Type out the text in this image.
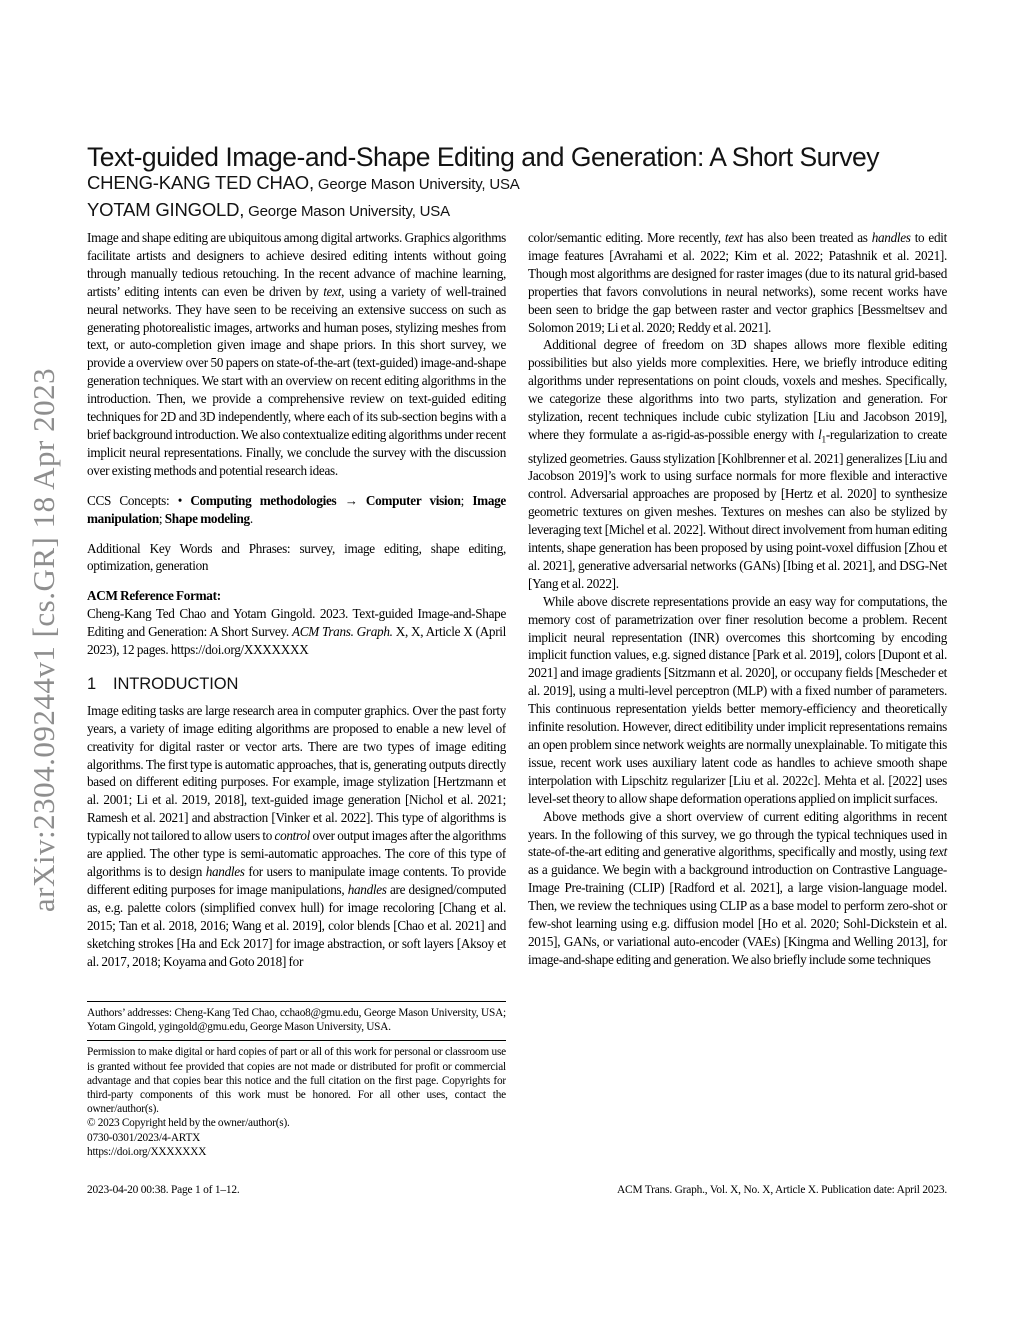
arXiv:2304.09244v1 [cs.GR] 18 Apr 2023
Text-guided Image-and-Shape Editing and Generation: A Short Survey
CHENG-KANG TED CHAO, George Mason University, USA
YOTAM GINGOLD, George Mason University, USA

Image and shape editing are ubiquitous among digital artworks. Graphics algorithms facilitate artists and designers to achieve desired editing intents without going through manually tedious retouching. In the recent advance of machine learning, artists’ editing intents can even be driven by text, using a variety of well-trained neural networks. They have seen to be receiving an extensive success on such as generating photorealistic images, artworks and human poses, stylizing meshes from text, or auto-completion given image and shape priors. In this short survey, we provide a overview over 50 papers on state-of-the-art (text-guided) image-and-shape generation techniques. We start with an overview on recent editing algorithms in the introduction. Then, we provide a comprehensive review on text-guided editing techniques for 2D and 3D independently, where each of its sub-section begins with a brief background introduction. We also contextualize editing algorithms under recent implicit neural representations. Finally, we conclude the survey with the discussion over existing methods and potential research ideas.

CCS Concepts: • Computing methodologies → Computer vision; Image manipulation; Shape modeling.

Additional Key Words and Phrases: survey, image editing, shape editing, optimization, generation

ACM Reference Format:

Cheng-Kang Ted Chao and Yotam Gingold. 2023. Text-guided Image-and-Shape Editing and Generation: A Short Survey. ACM Trans. Graph. X, X, Article X (April 2023), 12 pages. https://doi.org/XXXXXXX

1 INTRODUCTION

Image editing tasks are large research area in computer graphics. Over the past forty years, a variety of image editing algorithms are proposed to enable a new level of creativity for digital raster or vector arts. There are two types of image editing algorithms. The first type is automatic approaches, that is, generating outputs directly based on different editing purposes. For example, image stylization [Hertzmann et al. 2001; Li et al. 2019, 2018], text-guided image generation [Nichol et al. 2021; Ramesh et al. 2021] and abstraction [Vinker et al. 2022]. This type of algorithms is typically not tailored to allow users to control over output images after the algorithms are applied. The other type is semi-automatic approaches. The core of this type of algorithms is to design handles for users to manipulate image contents. To provide different editing purposes for image manipulations, handles are designed/computed as, e.g. palette colors (simplified convex hull) for image recoloring [Chang et al. 2015; Tan et al. 2018, 2016; Wang et al. 2019], color blends [Chao et al. 2021] and sketching strokes [Ha and Eck 2017] for image abstraction, or soft layers [Aksoy et al. 2017, 2018; Koyama and Goto 2018] for

Authors’ addresses: Cheng-Kang Ted Chao, cchao8@gmu.edu, George Mason University, USA; Yotam Gingold, ygingold@gmu.edu, George Mason University, USA.

Permission to make digital or hard copies of part or all of this work for personal or classroom use is granted without fee provided that copies are not made or distributed for profit or commercial advantage and that copies bear this notice and the full citation on the first page. Copyrights for third-party components of this work must be honored. For all other uses, contact the owner/author(s).

© 2023 Copyright held by the owner/author(s).

0730-0301/2023/4-ARTX

https://doi.org/XXXXXXX

color/semantic editing. More recently, text has also been treated as handles to edit image features [Avrahami et al. 2022; Kim et al. 2022; Patashnik et al. 2021]. Though most algorithms are designed for raster images (due to its natural grid-based properties that favors convolutions in neural networks), some recent works have been seen to bridge the gap between raster and vector graphics [Bessmeltsev and Solomon 2019; Li et al. 2020; Reddy et al. 2021].

Additional degree of freedom on 3D shapes allows more flexible editing possibilities but also yields more complexities. Here, we briefly introduce editing algorithms under representations on point clouds, voxels and meshes. Specifically, we categorize these algorithms into two parts, stylization and generation. For stylization, recent techniques include cubic stylization [Liu and Jacobson 2019], where they formulate a as-rigid-as-possible energy with $l_1$-regularization to create stylized geometries. Gauss stylization [Kohlbrenner et al. 2021] generalizes [Liu and Jacobson 2019]’s work to using surface normals for more flexible and interactive control. Adversarial approaches are proposed by [Hertz et al. 2020] to synthesize geometric textures on given meshes. Textures on meshes can also be stylized by leveraging text [Michel et al. 2022]. Without direct involvement from human editing intents, shape generation has been proposed by using point-voxel diffusion [Zhou et al. 2021], generative adversarial networks (GANs) [Ibing et al. 2021], and DSG-Net [Yang et al. 2022].

While above discrete representations provide an easy way for computations, the memory cost of parametrization over finer resolution become a problem. Recent implicit neural representation (INR) overcomes this shortcoming by encoding implicit function values, e.g. signed distance [Park et al. 2019], colors [Dupont et al. 2021] and image gradients [Sitzmann et al. 2020], or occupany fields [Mescheder et al. 2019], using a multi-level perceptron (MLP) with a fixed number of parameters. This continuous representation yields better memory-efficiency and theoretically infinite resolution. However, direct editibility under implicit representations remains an open problem since network weights are normally unexplainable. To mitigate this issue, recent work uses auxiliary latent code as handles to achieve smooth shape interpolation with Lipschitz regularizer [Liu et al. 2022c]. Mehta et al. [2022] uses level-set theory to allow shape deformation operations applied on implicit surfaces.

Above methods give a short overview of current editing algorithms in recent years. In the following of this survey, we go through the typical techniques used in state-of-the-art editing and generative algorithms, specifically and mostly, using text as a guidance. We begin with a background introduction on Contrastive Language-Image Pre-training (CLIP) [Radford et al. 2021], a large vision-language model. Then, we review the techniques using CLIP as a base model to perform zero-shot or few-shot learning using e.g. diffusion model [Ho et al. 2020; Sohl-Dickstein et al. 2015], GANs, or variational auto-encoder (VAEs) [Kingma and Welling 2013], for image-and-shape editing and generation. We also briefly include some techniques

2023-04-20 00:38. Page 1 of 1–12.	ACM Trans. Graph., Vol. X, No. X, Article X. Publication date: April 2023.
